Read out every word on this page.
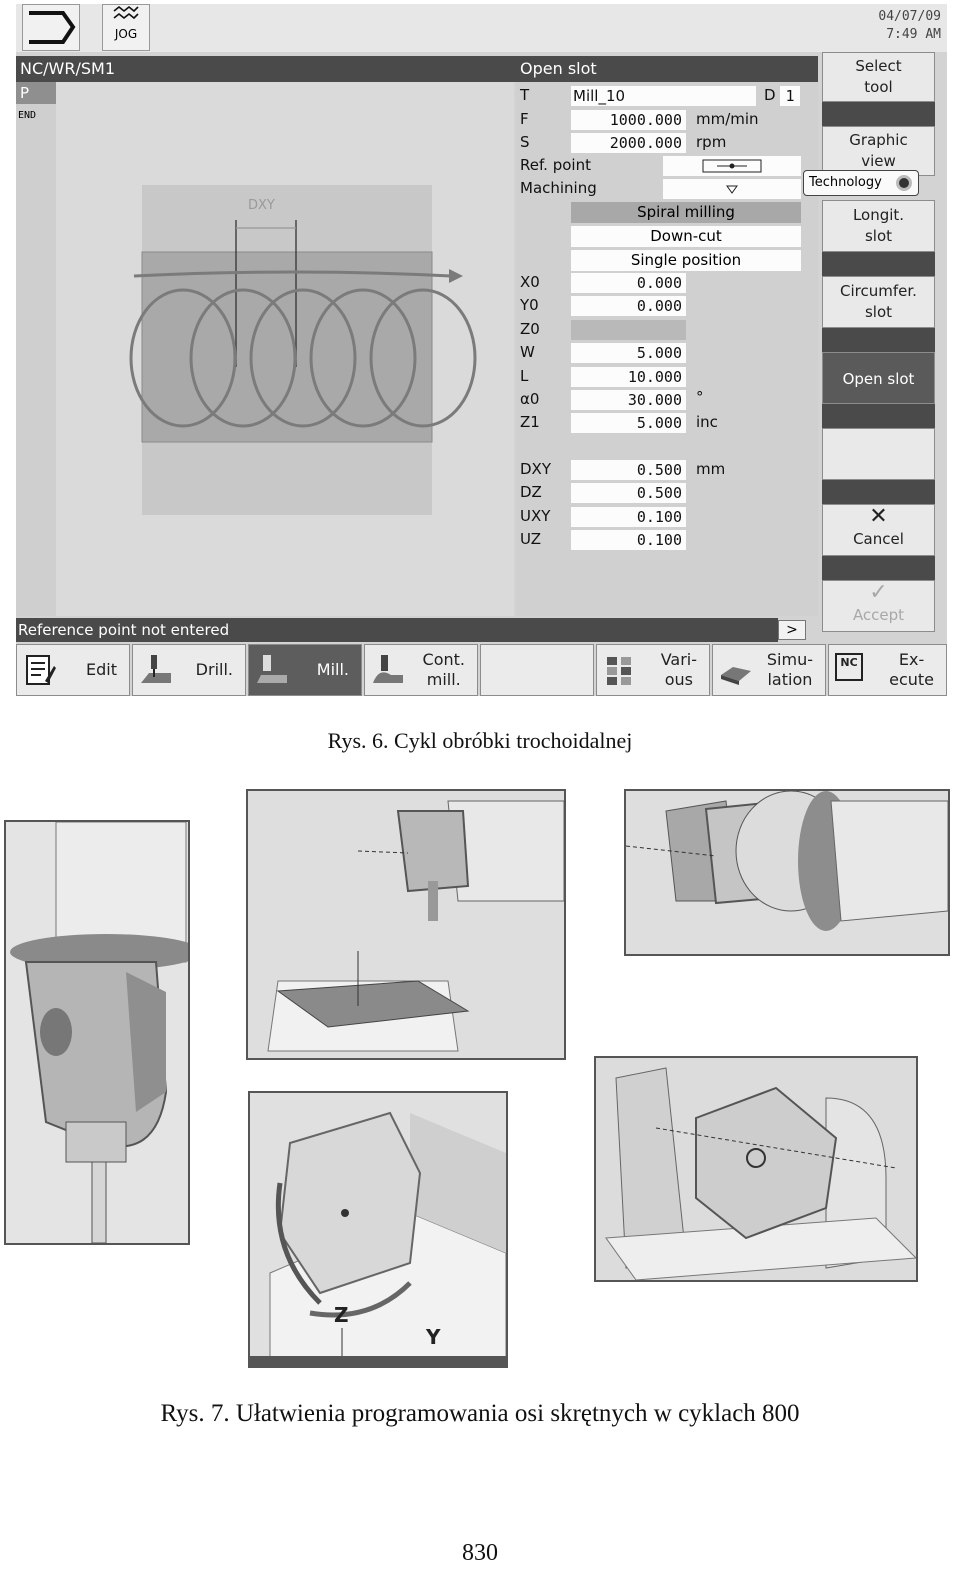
JOG
04/07/09
7:49 AM
NC/WR/SM1	Open slot
P
END
DXY
T	Mill_10	D 1
F	1000.000 mm/min
S	2000.000 rpm
Ref. point
Machining
Spiral milling
Down-cut
Single position
X0	0.000
Y0	0.000
Z0
W	5.000
L	10.000
α0	30.000 °
Z1	5.000 inc
DXY	0.500 mm
DZ	0.500
UXY	0.100
UZ	0.100
Select
tool
Graphic
view
Longit.
slot
Circumfer.
slot
Open slot
✕
Cancel
✓
Accept
Technology
Reference point not entered	>
Edit	Drill.	Mill.
Cont.
mill.
Vari-
ous
Simu-
lation
NC	Ex-
ecute
Rys. 6. Cykl obróbki trochoidalnej
Z
Y
Rys. 7. Ułatwienia programowania osi skrętnych w cyklach 800
830
